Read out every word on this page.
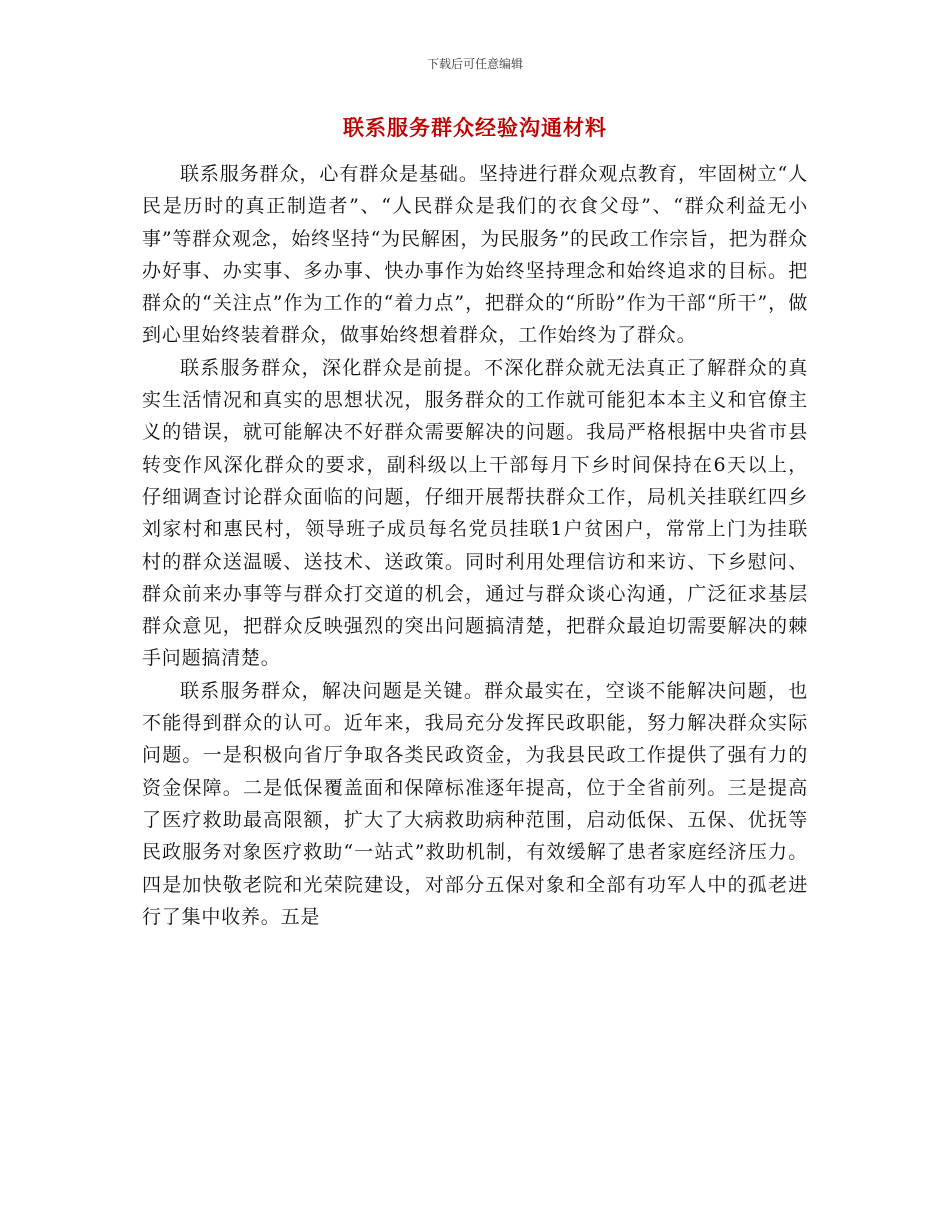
下载后可任意编辑
联系服务群众经验沟通材料

联系服务群众，心有群众是基础。坚持进行群众观点教育，牢固树立“人民是历时的真正制造者”、“人民群众是我们的衣食父母”、“群众利益无小事”等群众观念，始终坚持“为民解困，为民服务”的民政工作宗旨，把为群众办好事、办实事、多办事、快办事作为始终坚持理念和始终追求的目标。把群众的“关注点”作为工作的“着力点”，把群众的“所盼”作为干部“所干”，做到心里始终装着群众，做事始终想着群众，工作始终为了群众。

联系服务群众，深化群众是前提。不深化群众就无法真正了解群众的真实生活情况和真实的思想状况，服务群众的工作就可能犯本本主义和官僚主义的错误，就可能解决不好群众需要解决的问题。我局严格根据中央省市县转变作风深化群众的要求，副科级以上干部每月下乡时间保持在6天以上，仔细调查讨论群众面临的问题，仔细开展帮扶群众工作，局机关挂联红四乡刘家村和惠民村，领导班子成员每名党员挂联1户贫困户，常常上门为挂联村的群众送温暖、送技术、送政策。同时利用处理信访和来访、下乡慰问、群众前来办事等与群众打交道的机会，通过与群众谈心沟通，广泛征求基层群众意见，把群众反映强烈的突出问题搞清楚，把群众最迫切需要解决的棘手问题搞清楚。

联系服务群众，解决问题是关键。群众最实在，空谈不能解决问题，也不能得到群众的认可。近年来，我局充分发挥民政职能，努力解决群众实际问题。一是积极向省厅争取各类民政资金，为我县民政工作提供了强有力的资金保障。二是低保覆盖面和保障标准逐年提高，位于全省前列。三是提高了医疗救助最高限额，扩大了大病救助病种范围，启动低保、五保、优抚等民政服务对象医疗救助“一站式”救助机制，有效缓解了患者家庭经济压力。四是加快敬老院和光荣院建设，对部分五保对象和全部有功军人中的孤老进行了集中收养。五是
